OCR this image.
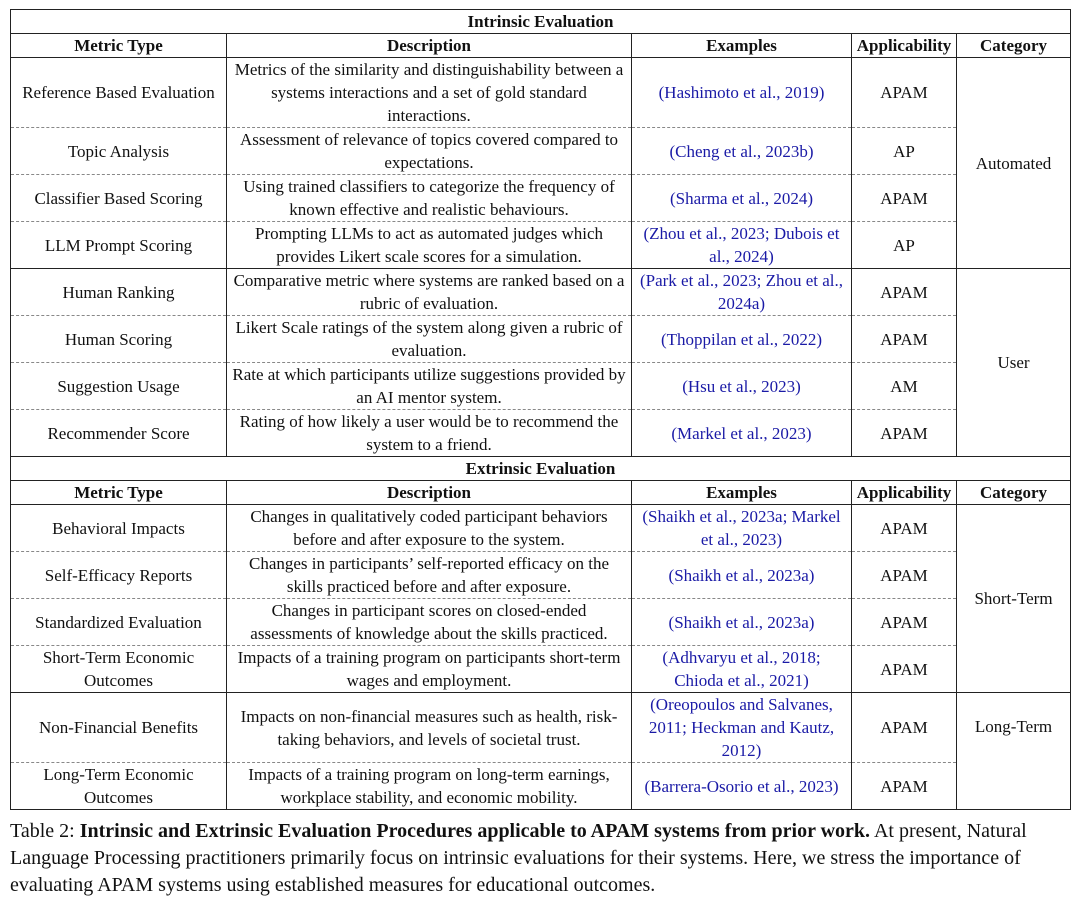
Intrinsic Evaluation				
Metric Type	Description	Examples	Applicability	Category
Reference Based Evaluation	Metrics of the similarity and distinguishability between a systems interactions and a set of gold standard interactions.	(Hashimoto et al., 2019)	APAM	Automated
Topic Analysis	Assessment of relevance of topics covered compared to expectations.	(Cheng et al., 2023b)	AP	
Classifier Based Scoring	Using trained classifiers to categorize the frequency of known effective and realistic behaviours.	(Sharma et al., 2024)	APAM	
LLM Prompt Scoring	Prompting LLMs to act as automated judges which provides Likert scale scores for a simulation.	(Zhou et al., 2023; Dubois et al., 2024)	AP	
Human Ranking	Comparative metric where systems are ranked based on a rubric of evaluation.	(Park et al., 2023; Zhou et al., 2024a)	APAM	User
Human Scoring	Likert Scale ratings of the system along given a rubric of evaluation.	(Thoppilan et al., 2022)	APAM	
Suggestion Usage	Rate at which participants utilize suggestions provided by an AI mentor system.	(Hsu et al., 2023)	AM	
Recommender Score	Rating of how likely a user would be to recommend the system to a friend.	(Markel et al., 2023)	APAM	
Extrinsic Evaluation				
Metric Type	Description	Examples	Applicability	Category
Behavioral Impacts	Changes in qualitatively coded participant behaviors before and after exposure to the system.	(Shaikh et al., 2023a; Markel et al., 2023)	APAM	Short-Term
Self-Efficacy Reports	Changes in participants’ self-reported efficacy on the skills practiced before and after exposure.	(Shaikh et al., 2023a)	APAM	
Standardized Evaluation	Changes in participant scores on closed-ended assessments of knowledge about the skills practiced.	(Shaikh et al., 2023a)	APAM	
Short-Term Economic Outcomes	Impacts of a training program on participants short-term wages and employment.	(Adhvaryu et al., 2018; Chioda et al., 2021)	APAM	
Non-Financial Benefits	Impacts on non-financial measures such as health, risk-taking behaviors, and levels of societal trust.	(Oreopoulos and Salvanes, 2011; Heckman and Kautz, 2012)	APAM	Long-Term
Long-Term Economic Outcomes	Impacts of a training program on long-term earnings, workplace stability, and economic mobility.	(Barrera-Osorio et al., 2023)	APAM	
Table 2: Intrinsic and Extrinsic Evaluation Procedures applicable to APAM systems from prior work. At present, Natural Language Processing practitioners primarily focus on intrinsic evaluations for their systems. Here, we stress the importance of evaluating APAM systems using established measures for educational outcomes.
